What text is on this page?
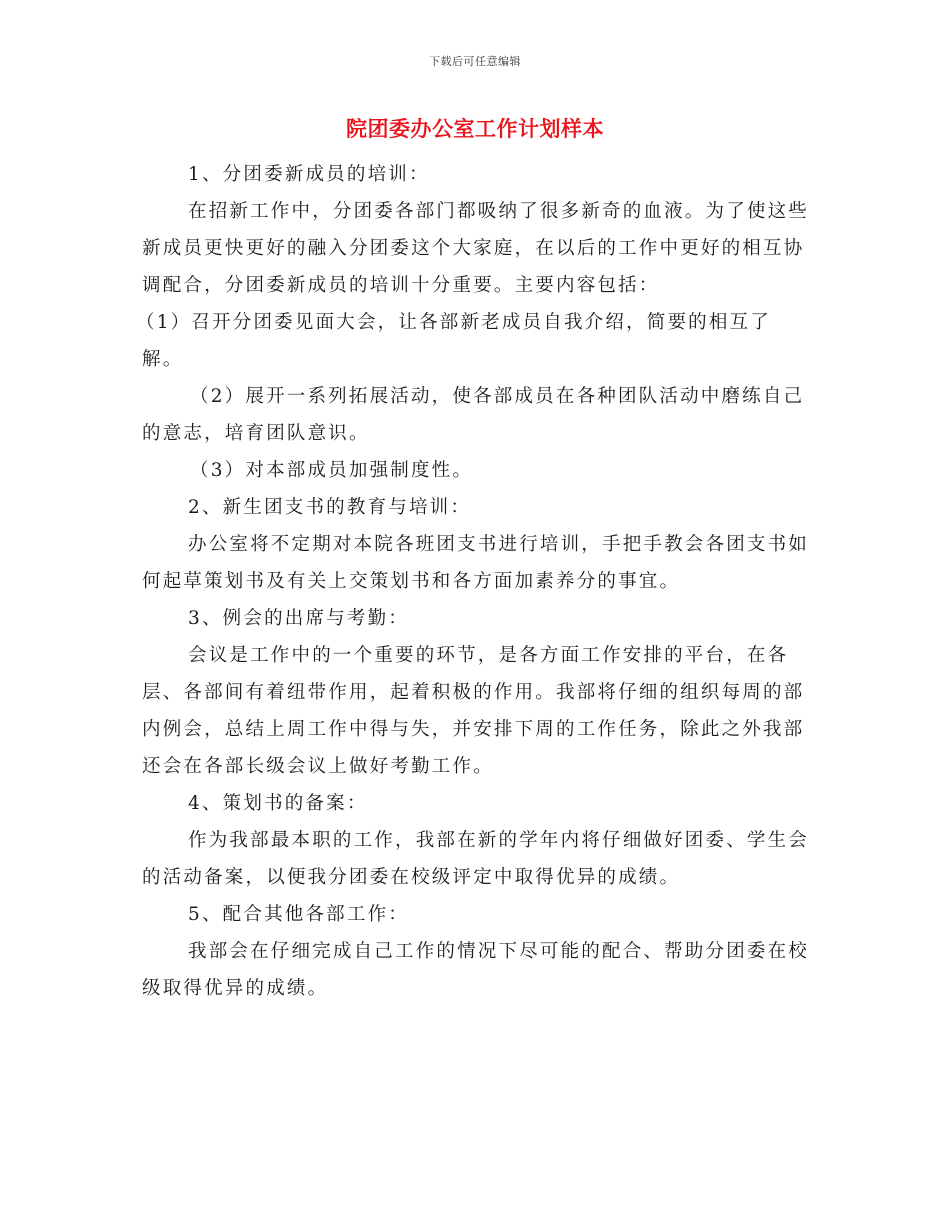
下载后可任意编辑
院团委办公室工作计划样本

1、分团委新成员的培训：

在招新工作中，分团委各部门都吸纳了很多新奇的血液。为了使这些新成员更快更好的融入分团委这个大家庭，在以后的工作中更好的相互协调配合，分团委新成员的培训十分重要。主要内容包括：

（1）召开分团委见面大会，让各部新老成员自我介绍，简要的相互了解。

（2）展开一系列拓展活动，使各部成员在各种团队活动中磨练自己的意志，培育团队意识。

（3）对本部成员加强制度性。

2、新生团支书的教育与培训：

办公室将不定期对本院各班团支书进行培训，手把手教会各团支书如何起草策划书及有关上交策划书和各方面加素养分的事宜。

3、例会的出席与考勤：

会议是工作中的一个重要的环节，是各方面工作安排的平台，在各层、各部间有着纽带作用，起着积极的作用。我部将仔细的组织每周的部内例会，总结上周工作中得与失，并安排下周的工作任务，除此之外我部还会在各部长级会议上做好考勤工作。

4、策划书的备案：

作为我部最本职的工作，我部在新的学年内将仔细做好团委、学生会的活动备案，以便我分团委在校级评定中取得优异的成绩。

5、配合其他各部工作：

我部会在仔细完成自己工作的情况下尽可能的配合、帮助分团委在校级取得优异的成绩。
